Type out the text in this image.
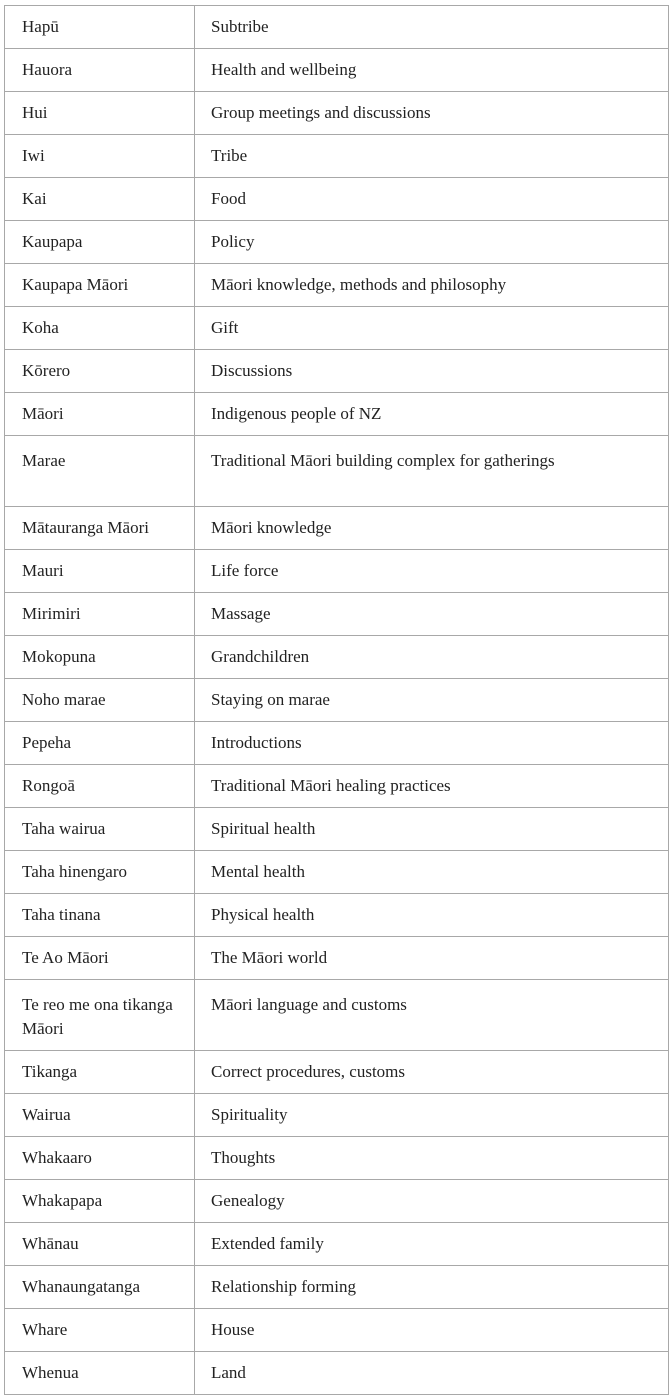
Hapū	Subtribe
Hauora	Health and wellbeing
Hui	Group meetings and discussions
Iwi	Tribe
Kai	Food
Kaupapa	Policy
Kaupapa Māori	Māori knowledge, methods and philosophy
Koha	Gift
Kōrero	Discussions
Māori	Indigenous people of NZ
Marae	Traditional Māori building complex for gatherings
Mātauranga Māori	Māori knowledge
Mauri	Life force
Mirimiri	Massage
Mokopuna	Grandchildren
Noho marae	Staying on marae
Pepeha	Introductions
Rongoā	Traditional Māori healing practices
Taha wairua	Spiritual health
Taha hinengaro	Mental health
Taha tinana	Physical health
Te Ao Māori	The Māori world
Te reo me ona tikanga Māori	Māori language and customs
Tikanga	Correct procedures, customs
Wairua	Spirituality
Whakaaro	Thoughts
Whakapapa	Genealogy
Whānau	Extended family
Whanaungatanga	Relationship forming
Whare	House
Whenua	Land
